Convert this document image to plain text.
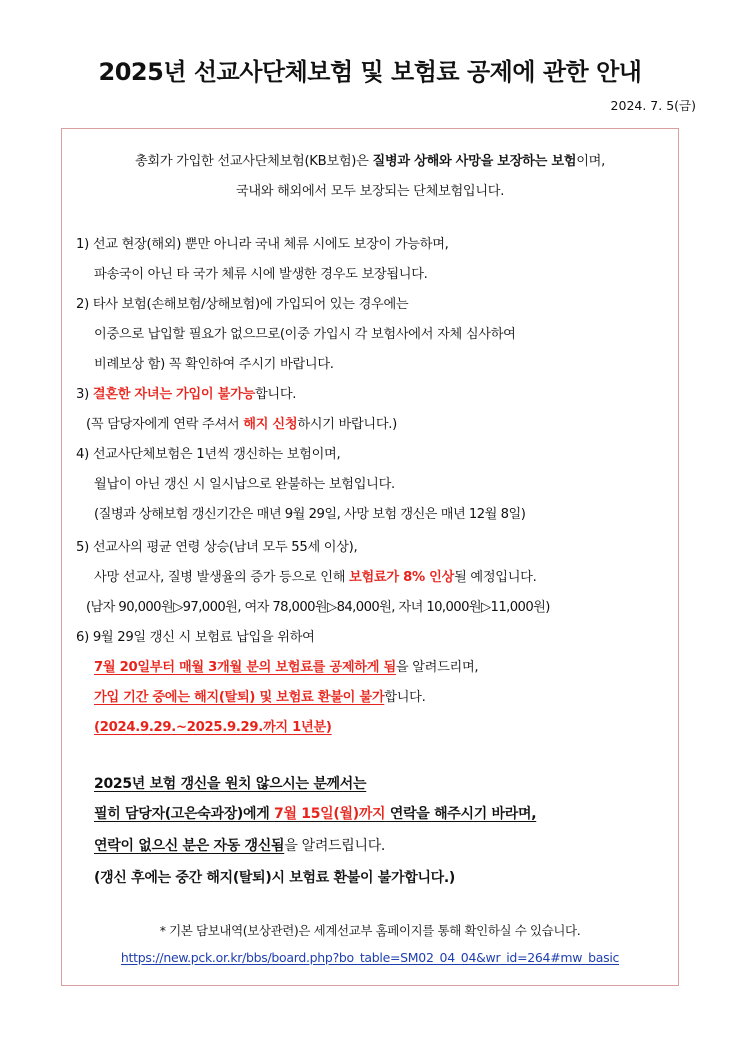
2025년 선교사단체보험 및 보험료 공제에 관한 안내
2024. 7. 5(금)
총회가 가입한 선교사단체보험(KB보험)은 질병과 상해와 사망을 보장하는 보험이며,
국내와 해외에서 모두 보장되는 단체보험입니다.
1) 선교 현장(해외) 뿐만 아니라 국내 체류 시에도 보장이 가능하며,
파송국이 아닌 타 국가 체류 시에 발생한 경우도 보장됩니다.
2) 타사 보험(손해보험/상해보험)에 가입되어 있는 경우에는
이중으로 납입할 필요가 없으므로(이중 가입시 각 보험사에서 자체 심사하여
비례보상 함) 꼭 확인하여 주시기 바랍니다.
3) 결혼한 자녀는 가입이 불가능합니다.
(꼭 담당자에게 연락 주셔서 해지 신청하시기 바랍니다.)
4) 선교사단체보험은 1년씩 갱신하는 보험이며,
월납이 아닌 갱신 시 일시납으로 완불하는 보험입니다.
(질병과 상해보험 갱신기간은 매년 9월 29일, 사망 보험 갱신은 매년 12월 8일)
5) 선교사의 평균 연령 상승(남녀 모두 55세 이상),
사망 선교사, 질병 발생율의 증가 등으로 인해 보험료가 8% 인상될 예정입니다.
(남자 90,000원▷97,000원, 여자 78,000원▷84,000원, 자녀 10,000원▷11,000원)
6) 9월 29일 갱신 시 보험료 납입을 위하여
7월 20일부터 매월 3개월 분의 보험료를 공제하게 됨을 알려드리며,
가입 기간 중에는 해지(탈퇴) 및 보험료 환불이 불가합니다.
(2024.9.29.~2025.9.29.까지 1년분)
2025년 보험 갱신을 원치 않으시는 분께서는
필히 담당자(고은숙과장)에게 7월 15일(월)까지 연락을 해주시기 바라며,
연락이 없으신 분은 자동 갱신됨을 알려드립니다.
(갱신 후에는 중간 해지(탈퇴)시 보험료 환불이 불가합니다.)
* 기본 담보내역(보상관련)은 세계선교부 홈페이지를 통해 확인하실 수 있습니다.
https://new.pck.or.kr/bbs/board.php?bo_table=SM02_04_04&wr_id=264#mw_basic
